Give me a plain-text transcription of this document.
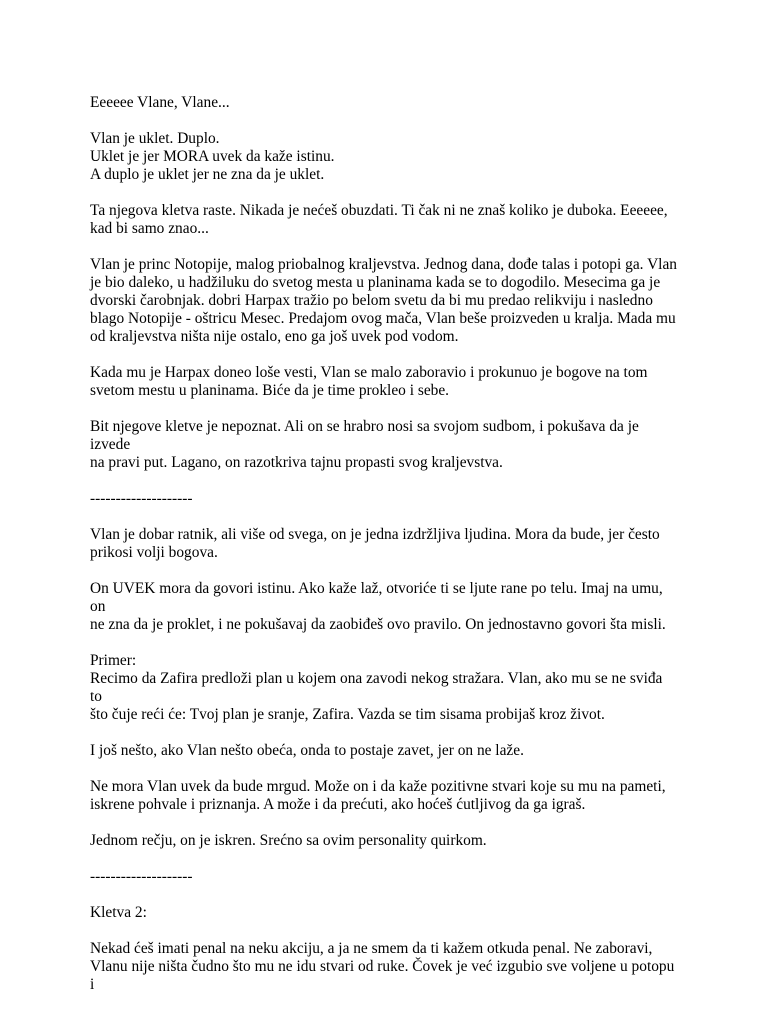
Eeeeee Vlane, Vlane...

Vlan je uklet. Duplo.
Uklet je jer MORA uvek da kaže istinu.
A duplo je uklet jer ne zna da je uklet.

Ta njegova kletva raste. Nikada je nećeš obuzdati. Ti čak ni ne znaš koliko je duboka. Eeeeee,
kad bi samo znao...

Vlan je princ Notopije, malog priobalnog kraljevstva. Jednog dana, dođe talas i potopi ga. Vlan
je bio daleko, u hadžiluku do svetog mesta u planinama kada se to dogodilo. Mesecima ga je
dvorski čarobnjak. dobri Harpax tražio po belom svetu da bi mu predao relikviju i nasledno
blago Notopije - oštricu Mesec. Predajom ovog mača, Vlan beše proizveden u kralja. Mada mu
od kraljevstva ništa nije ostalo, eno ga još uvek pod vodom.

Kada mu je Harpax doneo loše vesti, Vlan se malo zaboravio i prokunuo je bogove na tom
svetom mestu u planinama. Biće da je time prokleo i sebe.

Bit njegove kletve je nepoznat. Ali on se hrabro nosi sa svojom sudbom, i pokušava da je izvede
na pravi put. Lagano, on razotkriva tajnu propasti svog kraljevstva.

--------------------

Vlan je dobar ratnik, ali više od svega, on je jedna izdržljiva ljudina. Mora da bude, jer često
prikosi volji bogova.

On UVEK mora da govori istinu. Ako kaže laž, otvoriće ti se ljute rane po telu. Imaj na umu, on
ne zna da je proklet, i ne pokušavaj da zaobiđeš ovo pravilo. On jednostavno govori šta misli.

Primer:
Recimo da Zafira predloži plan u kojem ona zavodi nekog stražara. Vlan, ako mu se ne sviđa to
što čuje reći će: Tvoj plan je sranje, Zafira. Vazda se tim sisama probijaš kroz život.

I još nešto, ako Vlan nešto obeća, onda to postaje zavet, jer on ne laže.

Ne mora Vlan uvek da bude mrgud. Može on i da kaže pozitivne stvari koje su mu na pameti,
iskrene pohvale i priznanja. A može i da prećuti, ako hoćeš ćutljivog da ga igraš.

Jednom rečju, on je iskren. Srećno sa ovim personality quirkom.

--------------------

Kletva 2:

Nekad ćeš imati penal na neku akciju, a ja ne smem da ti kažem otkuda penal. Ne zaboravi,
Vlanu nije ništa čudno što mu ne idu stvari od ruke. Čovek je već izgubio sve voljene u potopu i
